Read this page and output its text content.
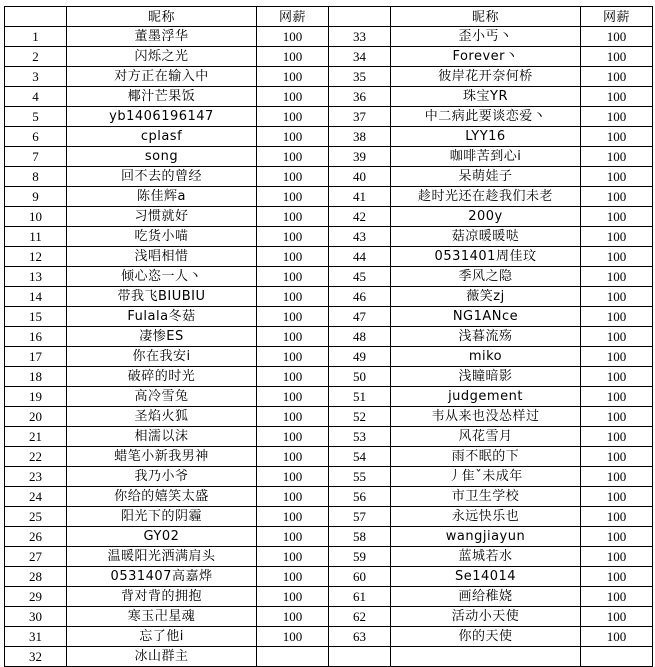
	昵称	网薪		昵称	网薪
1	董墨浮华	100	33	歪小丐丶	100
2	闪烁之光	100	34	Forever丶	100
3	对方正在输入中	100	35	彼岸花开奈何桥	100
4	椰汁芒果饭	100	36	珠宝YR	100
5	yb1406196147	100	37	中二病此要谈恋爱丶	100
6	cplasf	100	38	LYY16	100
7	song	100	39	咖啡苦到心i	100
8	回不去的曾经	100	40	呆萌娃子	100
9	陈佳辉a	100	41	趁时光还在趁我们未老	100
10	习惯就好	100	42	200y	100
11	吃货小喵	100	43	菇凉暖暖哒	100
12	浅唱相惜	100	44	0531401周佳玟	100
13	倾心恣一人丶	100	45	季风之隐	100
14	带我飞BIUBIU	100	46	薇笑zj	100
15	Fulala冬菇	100	47	NG1ANce	100
16	凄惨ES	100	48	浅暮流殇	100
17	你在我安i	100	49	miko	100
18	破碎的时光	100	50	浅瞳暗影	100
19	高冷雪兔	100	51	judgement	100
20	圣焰火狐	100	52	韦从来也没怂样过	100
21	相濡以沫	100	53	风花雪月	100
22	蜡笔小新我男神	100	54	雨不眠的下	100
23	我乃小爷	100	55	丿隹ˇ未成年	100
24	你给的嬉笑太盛	100	56	市卫生学校	100
25	阳光下的阴霾	100	57	永远快乐也	100
26	GY02	100	58	wangjiayun	100
27	温暖阳光洒满肩头	100	59	蓝城若水	100
28	0531407高嘉烨	100	60	Se14014	100
29	背对背的拥抱	100	61	画给稚娆	100
30	寒玉卍星魂	100	62	活动小天使	100
31	忘了他i	100	63	你的天使	100
32	冰山群主				
